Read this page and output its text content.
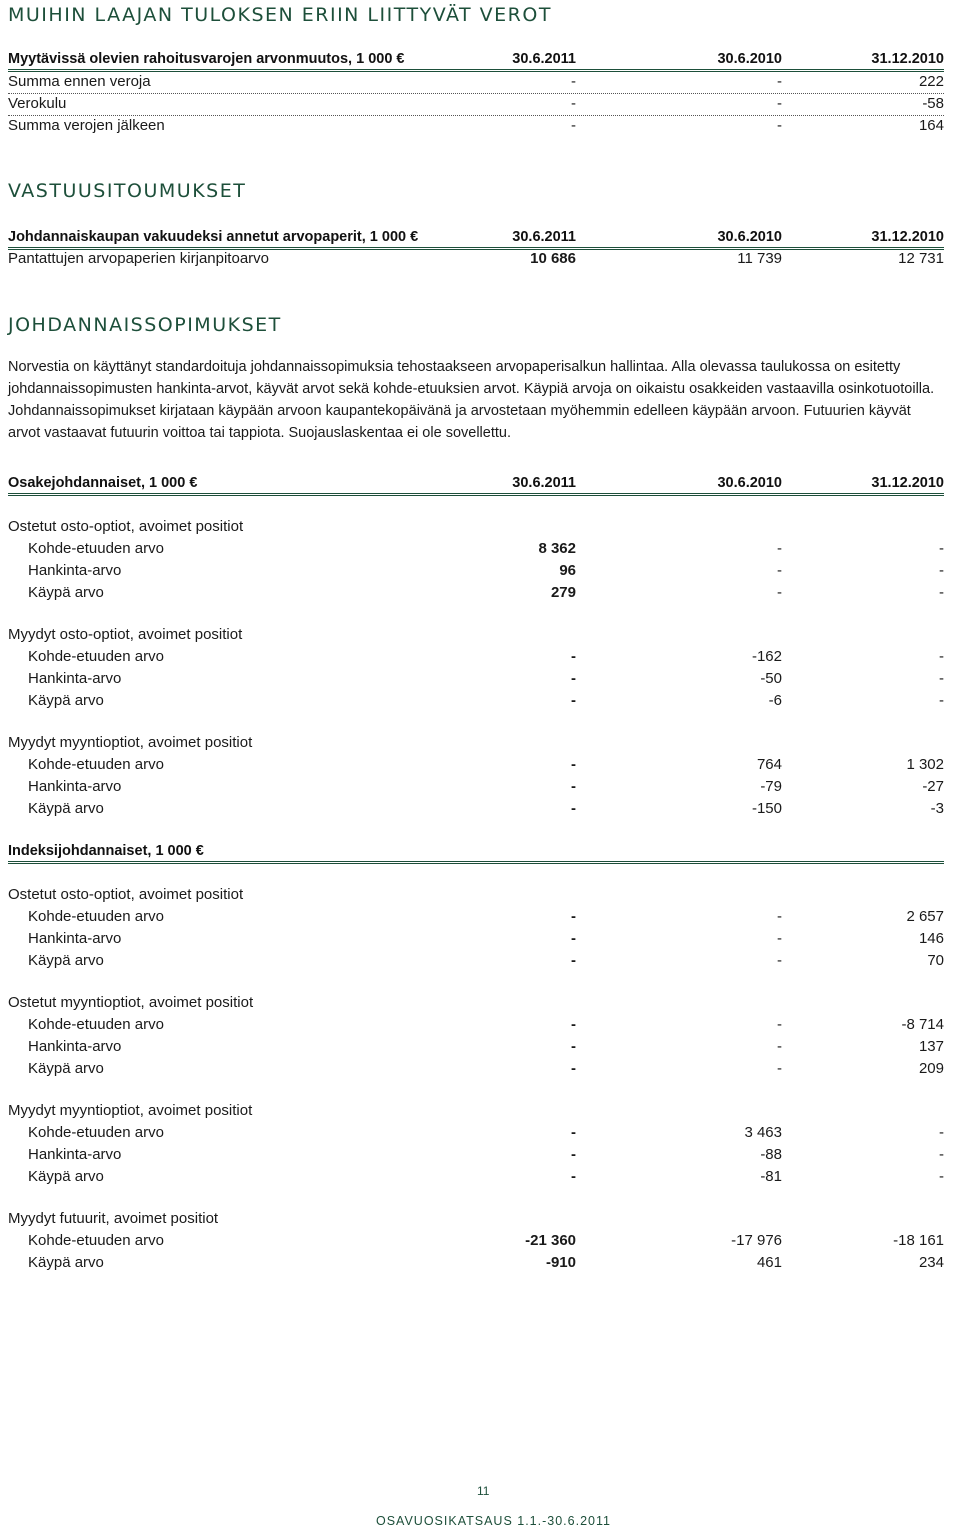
MUIHIN LAAJAN TULOKSEN ERIIN LIITTYVÄT VEROT
Myytävissä olevien rahoitusvarojen arvonmuutos, 1 000 €	30.6.2011	30.6.2010	31.12.2010
Summa ennen veroja	-	-	222
Verokulu	-	-	-58
Summa verojen jälkeen	-	-	164
VASTUUSITOUMUKSET
Johdannaiskaupan vakuudeksi annetut arvopaperit, 1 000 €	30.6.2011	30.6.2010	31.12.2010
Pantattujen arvopaperien kirjanpitoarvo	10 686	11 739	12 731
JOHDANNAISSOPIMUKSET
Norvestia on käyttänyt standardoituja johdannaissopimuksia tehostaakseen arvopaperisalkun hallintaa. Alla olevassa taulukossa on esitetty johdannaissopimusten hankinta-arvot, käyvät arvot sekä kohde-etuuksien arvot. Käypiä arvoja on oikaistu osakkeiden vastaavilla osinkotuotoilla. Johdannaissopimukset kirjataan käypään arvoon kaupantekopäivänä ja arvostetaan myöhemmin edelleen käypään arvoon. Futuurien käyvät arvot vastaavat futuurin voittoa tai tappiota. Suojauslaskentaa ei ole sovellettu.
Osakejohdannaiset, 1 000 €	30.6.2011	30.6.2010	31.12.2010
Ostetut osto-optiot, avoimet positiot
Kohde-etuuden arvo	8 362	-	-
Hankinta-arvo	96	-	-
Käypä arvo	279	-	-
Myydyt osto-optiot, avoimet positiot
Kohde-etuuden arvo	-	-162	-
Hankinta-arvo	-	-50	-
Käypä arvo	-	-6	-
Myydyt myyntioptiot, avoimet positiot
Kohde-etuuden arvo	-	764	1 302
Hankinta-arvo	-	-79	-27
Käypä arvo	-	-150	-3
Indeksijohdannaiset, 1 000 €
Ostetut osto-optiot, avoimet positiot
Kohde-etuuden arvo	-	-	2 657
Hankinta-arvo	-	-	146
Käypä arvo	-	-	70
Ostetut myyntioptiot, avoimet positiot
Kohde-etuuden arvo	-	-	-8 714
Hankinta-arvo	-	-	137
Käypä arvo	-	-	209
Myydyt myyntioptiot, avoimet positiot
Kohde-etuuden arvo	-	3 463	-
Hankinta-arvo	-	-88	-
Käypä arvo	-	-81	-
Myydyt futuurit, avoimet positiot
Kohde-etuuden arvo	-21 360	-17 976	-18 161
Käypä arvo	-910	461	234
11
OSAVUOSIKATSAUS 1.1.-30.6.2011
